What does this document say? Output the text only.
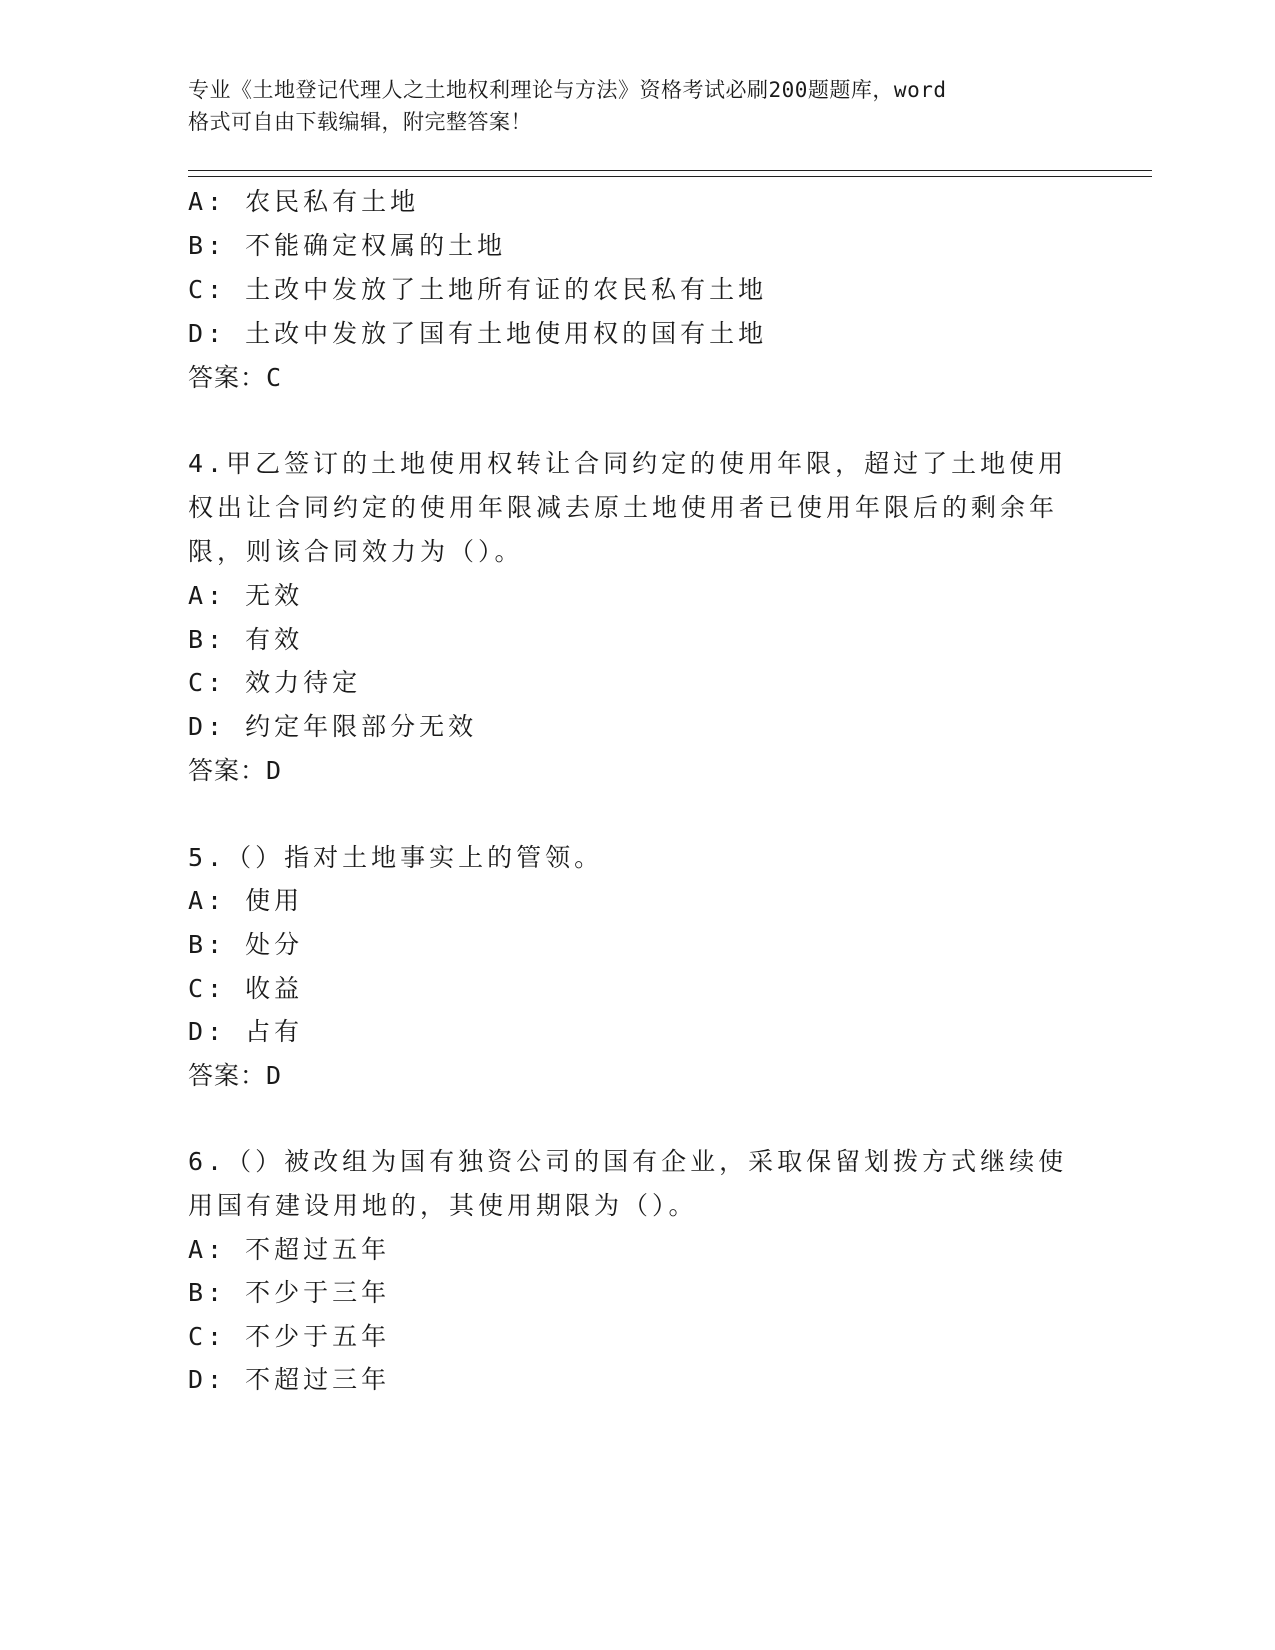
专业《土地登记代理人之土地权利理论与方法》资格考试必刷200题题库，word
格式可自由下载编辑，附完整答案！
A: 农民私有土地
B: 不能确定权属的土地
C: 土改中发放了土地所有证的农民私有土地
D: 土改中发放了国有土地使用权的国有土地
答案：C
4.甲乙签订的土地使用权转让合同约定的使用年限，超过了土地使用
权出让合同约定的使用年限减去原土地使用者已使用年限后的剩余年
限，则该合同效力为（）。
A: 无效
B: 有效
C: 效力待定
D: 约定年限部分无效
答案：D
5.（）指对土地事实上的管领。
A: 使用
B: 处分
C: 收益
D: 占有
答案：D
6.（）被改组为国有独资公司的国有企业，采取保留划拨方式继续使
用国有建设用地的，其使用期限为（）。
A: 不超过五年
B: 不少于三年
C: 不少于五年
D: 不超过三年
